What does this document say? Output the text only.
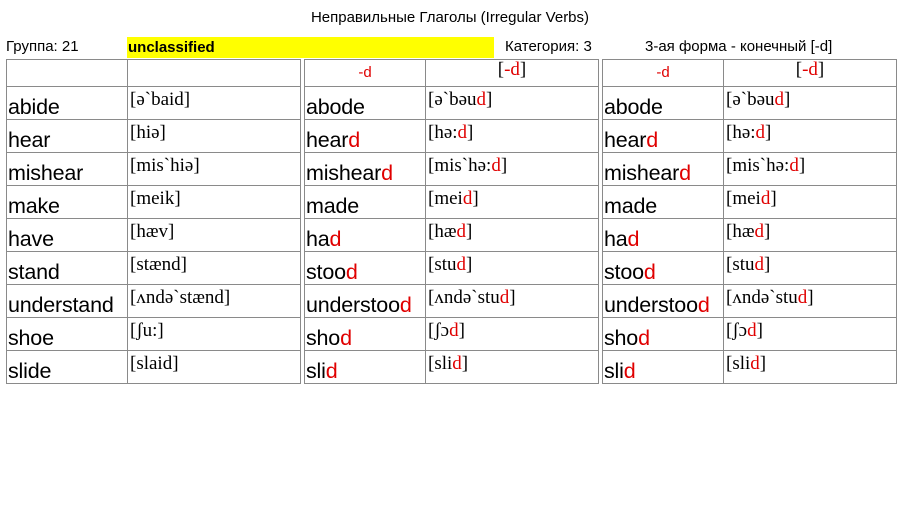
Неправильные Глаголы (Irregular Verbs)
Группа: 21	unclassified	Категория: 3	3-ая форма - конечный [-d]

abide	[ə`baid]
hear	[hiə]
mishear	[mis`hiə]
make	[meik]
have	[hæv]
stand	[stænd]
understand	[ʌndə`stænd]
shoe	[ʃu:]
slide	[slaid]
-d	[-d]
abode	[ə`bəud]
heard	[hə:d]
misheard	[mis`hə:d]
made	[meid]
had	[hæd]
stood	[stud]
understood	[ʌndə`stud]
shod	[ʃɔd]
slid	[slid]
-d	[-d]
abode	[ə`bəud]
heard	[hə:d]
misheard	[mis`hə:d]
made	[meid]
had	[hæd]
stood	[stud]
understood	[ʌndə`stud]
shod	[ʃɔd]
slid	[slid]
